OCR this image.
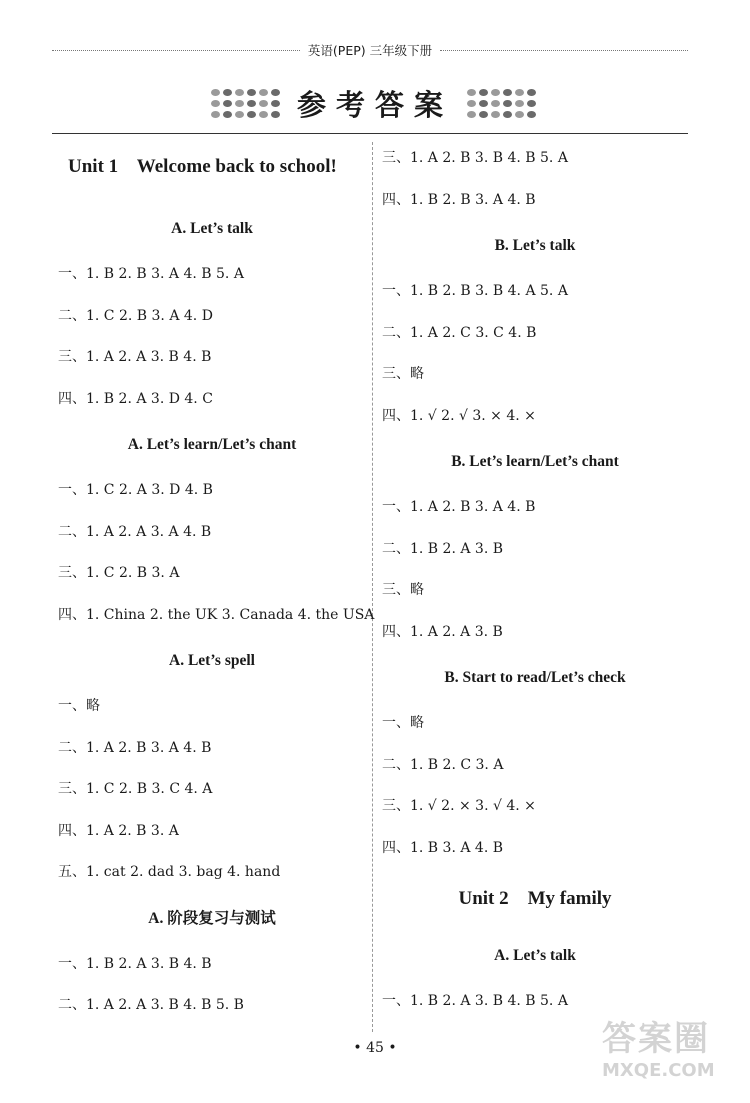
英语(PEP) 三年级下册
参考答案
Unit 1    Welcome back to school!
A. Let’s talk
一、1. B 2. B 3. A 4. B 5. A
二、1. C 2. B 3. A 4. D
三、1. A 2. A 3. B 4. B
四、1. B 2. A 3. D 4. C
A. Let’s learn/Let’s chant
一、1. C 2. A 3. D 4. B
二、1. A 2. A 3. A 4. B
三、1. C 2. B 3. A
四、1. China 2. the UK 3. Canada 4. the USA
A. Let’s spell
一、略
二、1. A 2. B 3. A 4. B
三、1. C 2. B 3. C 4. A
四、1. A 2. B 3. A
五、1. cat 2. dad 3. bag 4. hand
A. 阶段复习与测试
一、1. B 2. A 3. B 4. B
二、1. A 2. A 3. B 4. B 5. B
三、1. A 2. B 3. B 4. B 5. A
四、1. B 2. B 3. A 4. B
B. Let’s talk
一、1. B 2. B 3. B 4. A 5. A
二、1. A 2. C 3. C 4. B
三、略
四、1. √ 2. √ 3. × 4. ×
B. Let’s learn/Let’s chant
一、1. A 2. B 3. A 4. B
二、1. B 2. A 3. B
三、略
四、1. A 2. A 3. B
B. Start to read/Let’s check
一、略
二、1. B 2. C 3. A
三、1. √ 2. × 3. √ 4. ×
四、1. B 3. A 4. B
Unit 2    My family
A. Let’s talk
一、1. B 2. A 3. B 4. B 5. A
• 45 •	答案圈
MXQE.COM
